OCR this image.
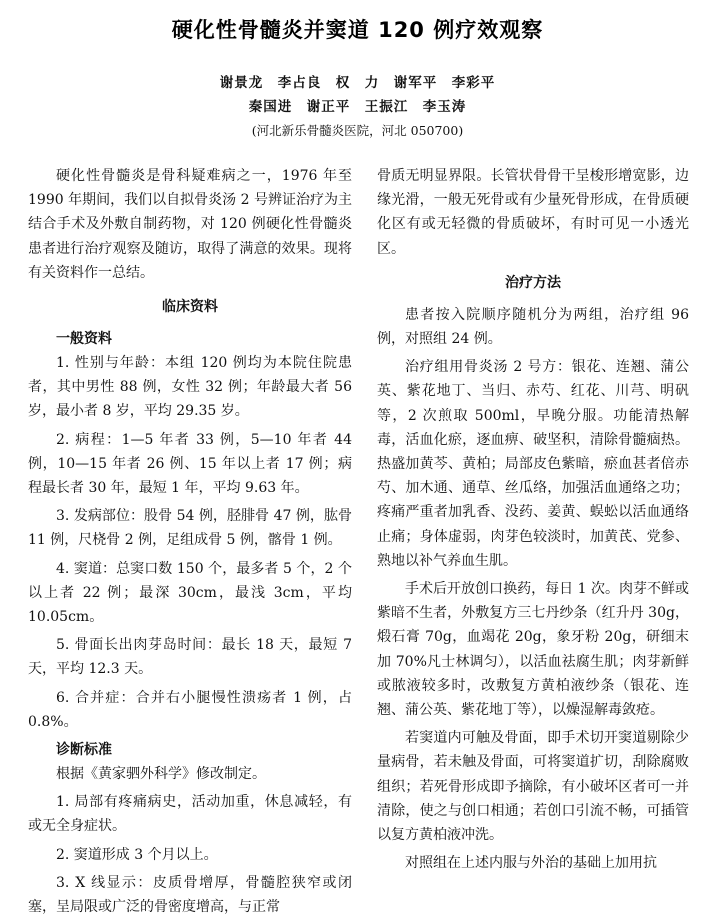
硬化性骨髓炎并窦道 120 例疗效观察
谢景龙　李占良　权　力　谢军平　李彩平
秦国进　谢正平　王振江　李玉涛
(河北新乐骨髓炎医院，河北 050700)

硬化性骨髓炎是骨科疑难病之一，1976 年至 1990 年期间，我们以自拟骨炎汤 2 号辨证治疗为主结合手术及外敷自制药物，对 120 例硬化性骨髓炎患者进行治疗观察及随访，取得了满意的效果。现将有关资料作一总结。

临床资料
一般资料

1. 性别与年龄：本组 120 例均为本院住院患者，其中男性 88 例，女性 32 例；年龄最大者 56 岁，最小者 8 岁，平均 29.35 岁。

2. 病程：1—5 年者 33 例，5—10 年者 44 例，10—15 年者 26 例、15 年以上者 17 例；病程最长者 30 年，最短 1 年，平均 9.63 年。

3. 发病部位：股骨 54 例，胫腓骨 47 例，肱骨 11 例，尺桡骨 2 例，足组成骨 5 例，髂骨 1 例。

4. 窦道：总窦口数 150 个，最多者 5 个，2 个以上者 22 例；最深 30cm，最浅 3cm，平均 10.05cm。

5. 骨面长出肉芽岛时间：最长 18 天，最短 7 天，平均 12.3 天。

6. 合并症：合并右小腿慢性溃疡者 1 例，占 0.8%。

诊断标准

根据《黄家驷外科学》修改制定。

1. 局部有疼痛病史，活动加重，休息减轻，有或无全身症状。

2. 窦道形成 3 个月以上。

3. X 线显示：皮质骨增厚，骨髓腔狭窄或闭塞，呈局限或广泛的骨密度增高，与正常

骨质无明显界限。长管状骨骨干呈梭形增宽影，边缘光滑，一般无死骨或有少量死骨形成，在骨质硬化区有或无轻微的骨质破坏，有时可见一小透光区。

治疗方法

患者按入院顺序随机分为两组，治疗组 96 例，对照组 24 例。

治疗组用骨炎汤 2 号方：银花、连翘、蒲公英、紫花地丁、当归、赤芍、红花、川芎、明矾等，2 次煎取 500ml，早晚分服。功能清热解毒，活血化瘀，逐血痹、破坚积，清除骨髓痼热。热盛加黄芩、黄柏；局部皮色紫暗，瘀血甚者倍赤芍、加木通、通草、丝瓜络，加强活血通络之功；疼痛严重者加乳香、没药、姜黄、蜈蚣以活血通络止痛；身体虚弱，肉芽色较淡时，加黄芪、党参、熟地以补气养血生肌。

手术后开放创口换药，每日 1 次。肉芽不鲜或紫暗不生者，外敷复方三七丹纱条（红升丹 30g，煅石膏 70g，血竭花 20g，象牙粉 20g，研细末加 70%凡士林调匀），以活血祛腐生肌；肉芽新鲜或脓液较多时，改敷复方黄柏液纱条（银花、连翘、蒲公英、紫花地丁等），以燥湿解毒敛疮。

若窦道内可触及骨面，即手术切开窦道剔除少量病骨，若未触及骨面，可将窦道扩切，刮除腐败组织；若死骨形成即予摘除，有小破坏区者可一并清除，使之与创口相通；若创口引流不畅，可插管以复方黄柏液冲洗。

对照组在上述内服与外治的基础上加用抗
